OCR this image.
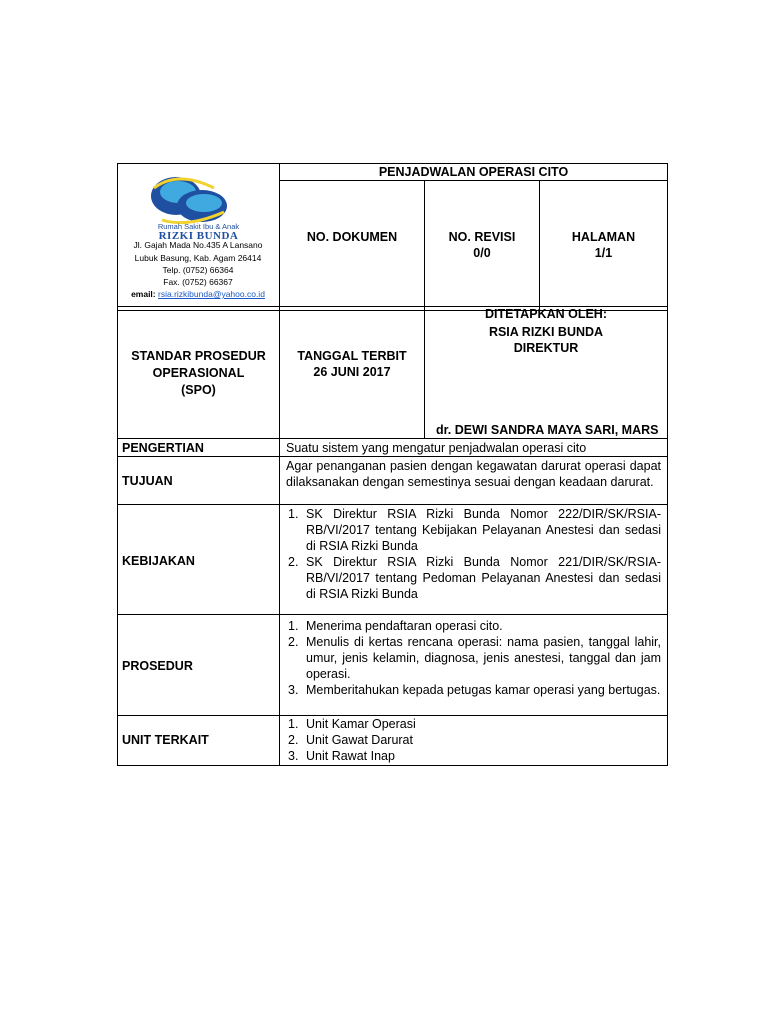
Rumah Sakit Ibu & Anak
RIZKI BUNDA
Jl. Gajah Mada No.435 A Lansano
Lubuk Basung, Kab. Agam 26414
Telp. (0752) 66364
Fax. (0752) 66367
email: rsia.rizkibunda@yahoo.co.id
PENJADWALAN OPERASI CITO
NO. DOKUMEN	NO. REVISI
0/0
HALAMAN
1/1
STANDAR PROSEDUR
OPERASIONAL
(SPO)
TANGGAL TERBIT
26 JUNI 2017
DITETAPKAN OLEH:
RSIA RIZKI BUNDA
DIREKTUR
dr. DEWI SANDRA MAYA SARI, MARS
PENGERTIAN	Suatu sistem yang mengatur penjadwalan operasi cito
TUJUAN
Agar penanganan pasien dengan kegawatan darurat operasi dapat dilaksanakan dengan semestinya sesuai dengan keadaan darurat.
KEBIJAKAN
1. SK Direktur RSIA Rizki Bunda Nomor 222/DIR/SK/RSIA-RB/VI/2017 tentang Kebijakan Pelayanan Anestesi dan sedasi di RSIA Rizki Bunda
2. SK Direktur RSIA Rizki Bunda Nomor 221/DIR/SK/RSIA-RB/VI/2017 tentang Pedoman Pelayanan Anestesi dan sedasi di RSIA Rizki Bunda
PROSEDUR
1. Menerima pendaftaran operasi cito.
2. Menulis di kertas rencana operasi: nama pasien, tanggal lahir, umur, jenis kelamin, diagnosa, jenis anestesi, tanggal dan jam operasi.
3. Memberitahukan kepada petugas kamar operasi yang bertugas.
UNIT TERKAIT
1. Unit Kamar Operasi
2. Unit Gawat Darurat
3. Unit Rawat Inap
